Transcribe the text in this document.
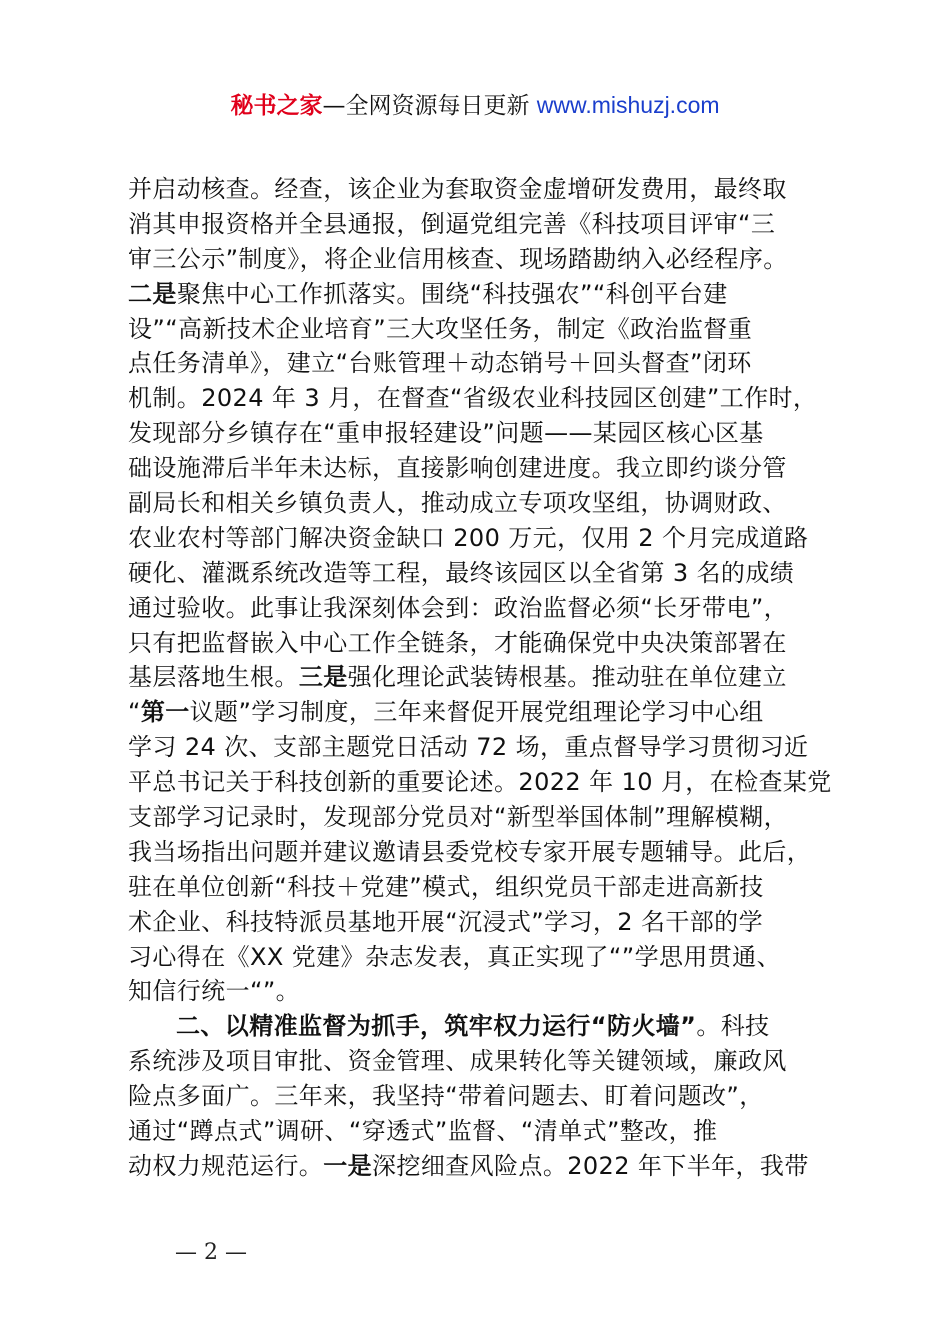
秘书之家—全网资源每日更新 www.mishuzj.com
并启动核查。经查，该企业为套取资金虚增研发费用，最终取
消其申报资格并全县通报，倒逼党组完善《科技项目评审“三
审三公示”制度》，将企业信用核查、现场踏勘纳入必经程序。
二是聚焦中心工作抓落实。围绕“科技强农”“科创平台建
设”“高新技术企业培育”三大攻坚任务，制定《政治监督重
点任务清单》，建立“台账管理＋动态销号＋回头督查”闭环
机制。2024 年 3 月，在督查“省级农业科技园区创建”工作时，
发现部分乡镇存在“重申报轻建设”问题——某园区核心区基
础设施滞后半年未达标，直接影响创建进度。我立即约谈分管
副局长和相关乡镇负责人，推动成立专项攻坚组，协调财政、
农业农村等部门解决资金缺口 200 万元，仅用 2 个月完成道路
硬化、灌溉系统改造等工程，最终该园区以全省第 3 名的成绩
通过验收。此事让我深刻体会到：政治监督必须“长牙带电”，
只有把监督嵌入中心工作全链条，才能确保党中央决策部署在
基层落地生根。三是强化理论武装铸根基。推动驻在单位建立
“第一议题”学习制度，三年来督促开展党组理论学习中心组
学习 24 次、支部主题党日活动 72 场，重点督导学习贯彻习近
平总书记关于科技创新的重要论述。2022 年 10 月，在检查某党
支部学习记录时，发现部分党员对“新型举国体制”理解模糊，
我当场指出问题并建议邀请县委党校专家开展专题辅导。此后，
驻在单位创新“科技＋党建”模式，组织党员干部走进高新技
术企业、科技特派员基地开展“沉浸式”学习，2 名干部的学
习心得在《XX 党建》杂志发表，真正实现了“”学思用贯通、
知信行统一“”。
二、以精准监督为抓手，筑牢权力运行“防火墙”。科技
系统涉及项目审批、资金管理、成果转化等关键领域，廉政风
险点多面广。三年来，我坚持“带着问题去、盯着问题改”，
通过“蹲点式”调研、“穿透式”监督、“清单式”整改，推
动权力规范运行。一是深挖细查风险点。2022 年下半年，我带
— 2 —
